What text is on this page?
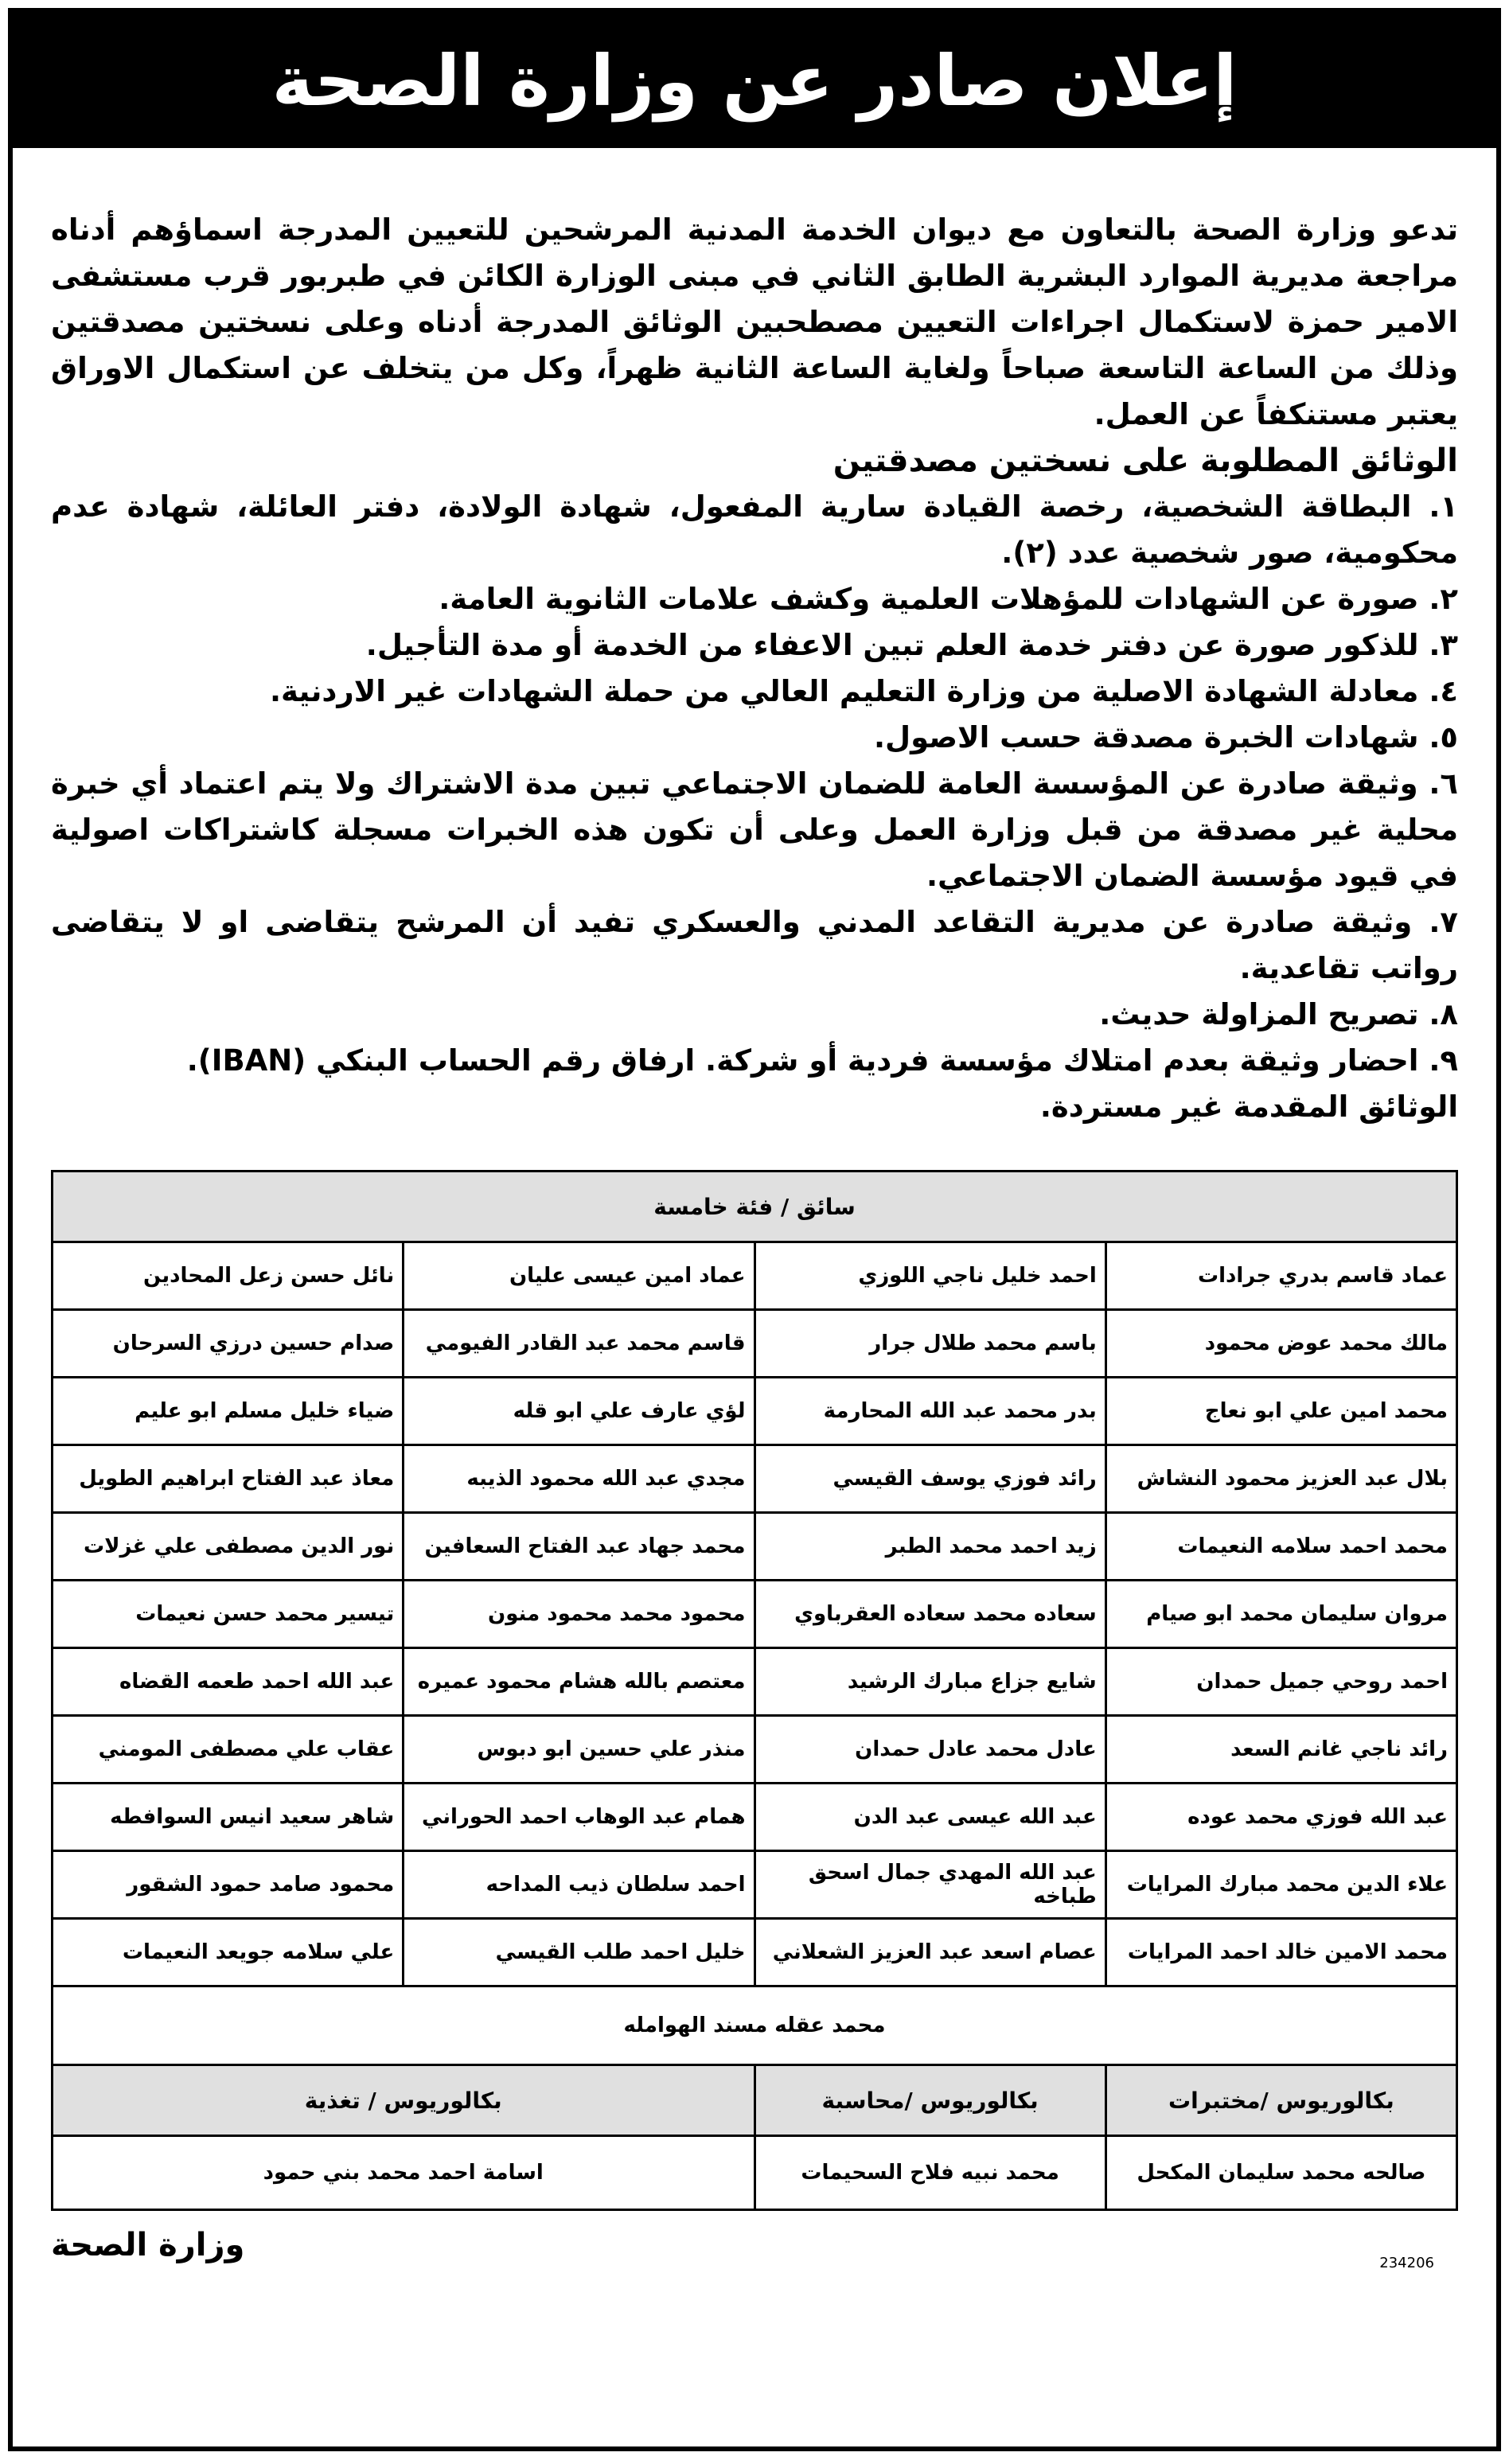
إعلان صادر عن وزارة الصحة

تدعو وزارة الصحة بالتعاون مع ديوان الخدمة المدنية المرشحين للتعيين المدرجة اسماؤهم أدناه مراجعة مديرية الموارد البشرية الطابق الثاني في مبنى الوزارة الكائن في طبربور قرب مستشفى الامير حمزة لاستكمال اجراءات التعيين مصطحبين الوثائق المدرجة أدناه وعلى نسختين مصدقتين وذلك من الساعة التاسعة صباحاً ولغاية الساعة الثانية ظهراً، وكل من يتخلف عن استكمال الاوراق يعتبر مستنكفاً عن العمل.

الوثائق المطلوبة على نسختين مصدقتين

١. البطاقة الشخصية، رخصة القيادة سارية المفعول، شهادة الولادة، دفتر العائلة، شهادة عدم محكومية، صور شخصية عدد (٢).
٢. صورة عن الشهادات للمؤهلات العلمية وكشف علامات الثانوية العامة.
٣. للذكور صورة عن دفتر خدمة العلم تبين الاعفاء من الخدمة أو مدة التأجيل.
٤. معادلة الشهادة الاصلية من وزارة التعليم العالي من حملة الشهادات غير الاردنية.
٥. شهادات الخبرة مصدقة حسب الاصول.
٦. وثيقة صادرة عن المؤسسة العامة للضمان الاجتماعي تبين مدة الاشتراك ولا يتم اعتماد أي خبرة محلية غير مصدقة من قبل وزارة العمل وعلى أن تكون هذه الخبرات مسجلة كاشتراكات اصولية في قيود مؤسسة الضمان الاجتماعي.
٧. وثيقة صادرة عن مديرية التقاعد المدني والعسكري تفيد أن المرشح يتقاضى او لا يتقاضى رواتب تقاعدية.
٨. تصريح المزاولة حديث.
٩. احضار وثيقة بعدم امتلاك مؤسسة فردية أو شركة. ارفاق رقم الحساب البنكي (IBAN).

الوثائق المقدمة غير مستردة.

سائق / فئة خامسة			
عماد قاسم بدري جرادات	احمد خليل ناجي اللوزي	عماد امين عيسى عليان	نائل حسن زعل المحادين
مالك محمد عوض محمود	باسم محمد طلال جرار	قاسم محمد عبد القادر الفيومي	صدام حسين درزي السرحان
محمد امين علي ابو نعاج	بدر محمد عبد الله المحارمة	لؤي عارف علي ابو قله	ضياء خليل مسلم ابو عليم
بلال عبد العزيز محمود النشاش	رائد فوزي يوسف القيسي	مجدي عبد الله محمود الذيبه	معاذ عبد الفتاح ابراهيم الطويل
محمد احمد سلامه النعيمات	زيد احمد محمد الطبر	محمد جهاد عبد الفتاح السعافين	نور الدين مصطفى علي غزلات
مروان سليمان محمد ابو صيام	سعاده محمد سعاده العقرباوي	محمود محمد محمود منون	تيسير محمد حسن نعيمات
احمد روحي جميل حمدان	شايع جزاع مبارك الرشيد	معتصم بالله هشام محمود عميره	عبد الله احمد طعمه القضاه
رائد ناجي غانم السعد	عادل محمد عادل حمدان	منذر علي حسين ابو دبوس	عقاب علي مصطفى المومني
عبد الله فوزي محمد عوده	عبد الله عيسى عبد الدن	همام عبد الوهاب احمد الحوراني	شاهر سعيد انيس السوافطه
علاء الدين محمد مبارك المرايات	عبد الله المهدي جمال اسحق طباخه	احمد سلطان ذيب المداحه	محمود صامد حمود الشقور
محمد الامين خالد احمد المرايات	عصام اسعد عبد العزيز الشعلاني	خليل احمد طلب القيسي	علي سلامه جويعد النعيمات
محمد عقله مسند الهوامله			
بكالوريوس /مختبرات	بكالوريوس /محاسبة	بكالوريوس / تغذية	
صالحه محمد سليمان المكحل	محمد نبيه فلاح السحيمات	اسامة احمد محمد بني حمود	
وزارة الصحة	234206
